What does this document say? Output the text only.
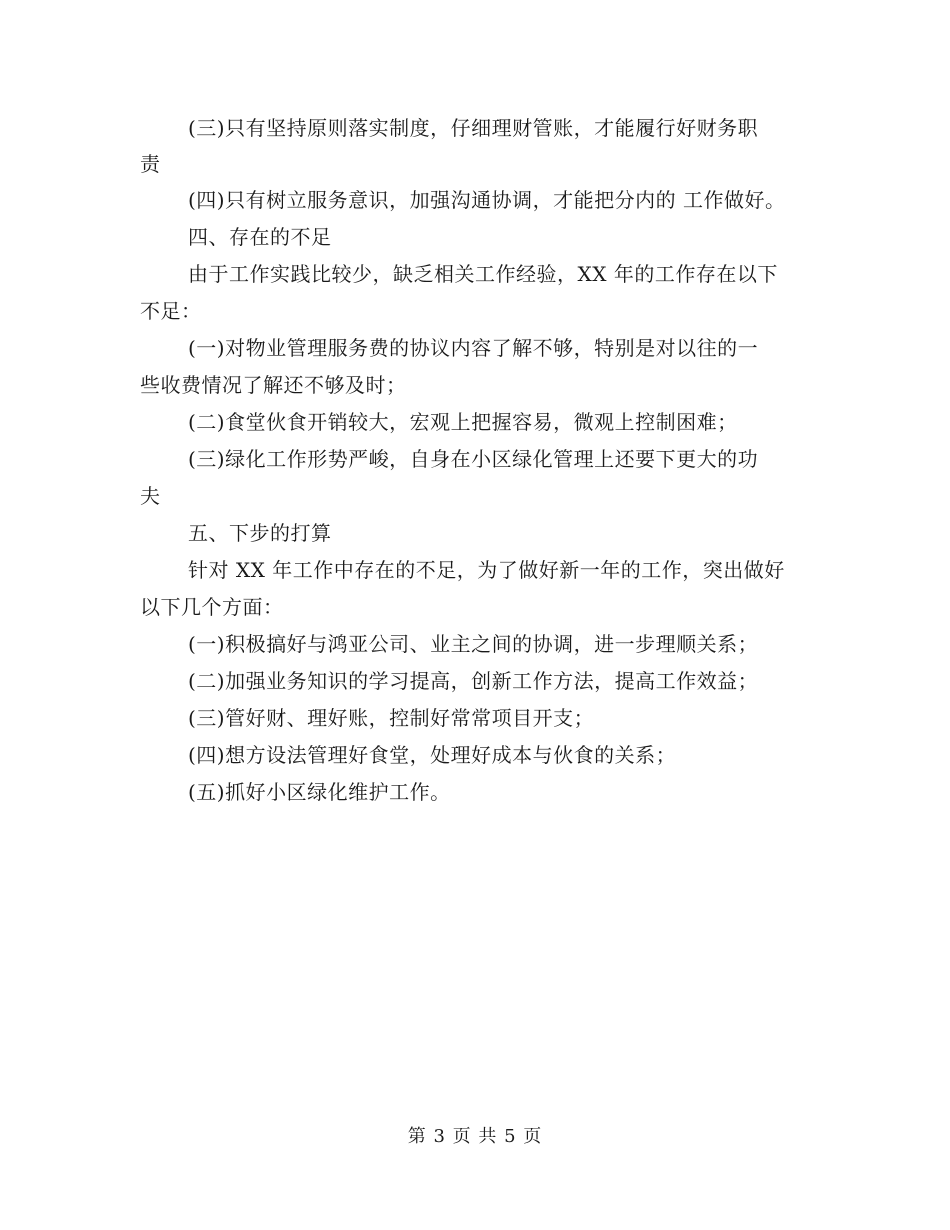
(三)只有坚持原则落实制度，仔细理财管账，才能履行好财务职
责
(四)只有树立服务意识，加强沟通协调，才能把分内的 工作做好。
四、存在的不足
由于工作实践比较少，缺乏相关工作经验，XX 年的工作存在以下
不足：
(一)对物业管理服务费的协议内容了解不够，特别是对以往的一
些收费情况了解还不够及时；
(二)食堂伙食开销较大，宏观上把握容易，微观上控制困难；
(三)绿化工作形势严峻，自身在小区绿化管理上还要下更大的功
夫
五、下步的打算
针对 XX 年工作中存在的不足，为了做好新一年的工作，突出做好
以下几个方面：
(一)积极搞好与鸿亚公司、业主之间的协调，进一步理顺关系；
(二)加强业务知识的学习提高，创新工作方法，提高工作效益；
(三)管好财、理好账，控制好常常项目开支；
(四)想方设法管理好食堂，处理好成本与伙食的关系；
(五)抓好小区绿化维护工作。
第 3 页 共 5 页
